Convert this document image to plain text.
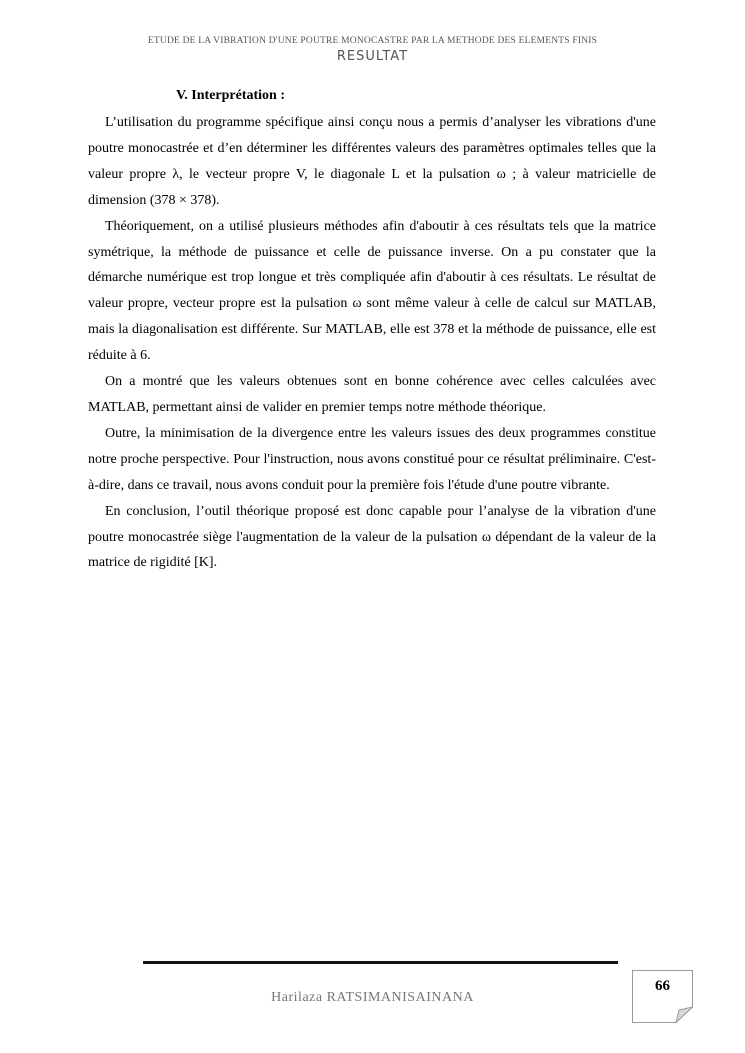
ETUDE DE LA VIBRATION D'UNE POUTRE MONOCASTRE PAR LA METHODE DES ELEMENTS FINIS
RESULTAT
V. Interprétation :

L’utilisation du programme spécifique ainsi conçu nous a permis d’analyser les vibrations d'une poutre monocastrée et d’en déterminer les différentes valeurs des paramètres optimales telles que la valeur propre λ, le vecteur propre V, le diagonale L et la pulsation ω ; à valeur matricielle de dimension (378 × 378).

Théoriquement, on a utilisé plusieurs méthodes afin d'aboutir à ces résultats tels que la matrice symétrique, la méthode de puissance et celle de puissance inverse. On a pu constater que la démarche numérique est trop longue et très compliquée afin d'aboutir à ces résultats. Le résultat de valeur propre, vecteur propre est la pulsation ω sont même valeur à celle de calcul sur MATLAB, mais la diagonalisation est différente. Sur MATLAB, elle est 378 et la méthode de puissance, elle est réduite à 6.

On a montré que les valeurs obtenues sont en bonne cohérence avec celles calculées avec MATLAB, permettant ainsi de valider en premier temps notre méthode théorique.

Outre, la minimisation de la divergence entre les valeurs issues des deux programmes constitue notre proche perspective. Pour l'instruction, nous avons constitué pour ce résultat préliminaire. C'est-à-dire, dans ce travail, nous avons conduit pour la première fois l'étude d'une poutre vibrante.

En conclusion, l’outil théorique proposé est donc capable pour l’analyse de la vibration d'une poutre monocastrée siège l'augmentation de la valeur de la pulsation ω dépendant de la valeur de la matrice de rigidité [K].

Harilaza RATSIMANISAINANA
66
